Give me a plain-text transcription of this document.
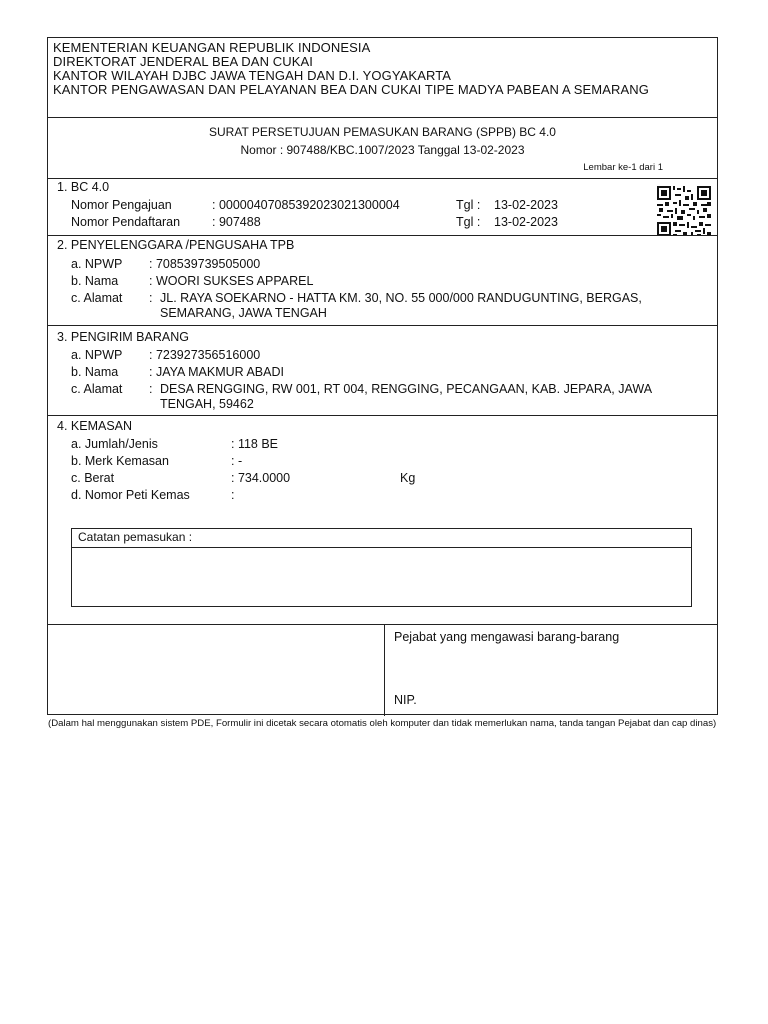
KEMENTERIAN KEUANGAN REPUBLIK INDONESIA
DIREKTORAT JENDERAL BEA DAN CUKAI
KANTOR WILAYAH DJBC JAWA TENGAH DAN D.I. YOGYAKARTA
KANTOR PENGAWASAN DAN PELAYANAN BEA DAN CUKAI TIPE MADYA PABEAN A SEMARANG
SURAT PERSETUJUAN PEMASUKAN BARANG (SPPB) BC 4.0
Nomor : 907488/KBC.1007/2023 Tanggal 13-02-2023
Lembar ke-1 dari 1
1. BC 4.0
Nomor Pengajuan	: 00000407085392023021300004	Tgl : 13-02-2023
Nomor Pendaftaran	: 907488	Tgl : 13-02-2023
2. PENYELENGGARA /PENGUSAHA TPB
a. NPWP : 708539739505000
b. Nama : WOORI SUKSES APPAREL
c. Alamat : JL. RAYA SOEKARNO - HATTA KM. 30, NO. 55 000/000 RANDUGUNTING, BERGAS, SEMARANG, JAWA TENGAH
3. PENGIRIM BARANG
a. NPWP : 723927356516000
b. Nama : JAYA MAKMUR ABADI
c. Alamat : DESA RENGGING, RW 001, RT 004, RENGGING, PECANGAAN, KAB. JEPARA, JAWA TENGAH, 59462
4. KEMASAN
a. Jumlah/Jenis	: 118 BE
b. Merk Kemasan	: -
c. Berat	: 734.0000	Kg
d. Nomor Peti Kemas	:
Catatan pemasukan :
Pejabat yang mengawasi barang-barang
NIP.
(Dalam hal menggunakan sistem PDE, Formulir ini dicetak secara otomatis oleh komputer dan tidak memerlukan nama, tanda tangan Pejabat dan cap dinas)
